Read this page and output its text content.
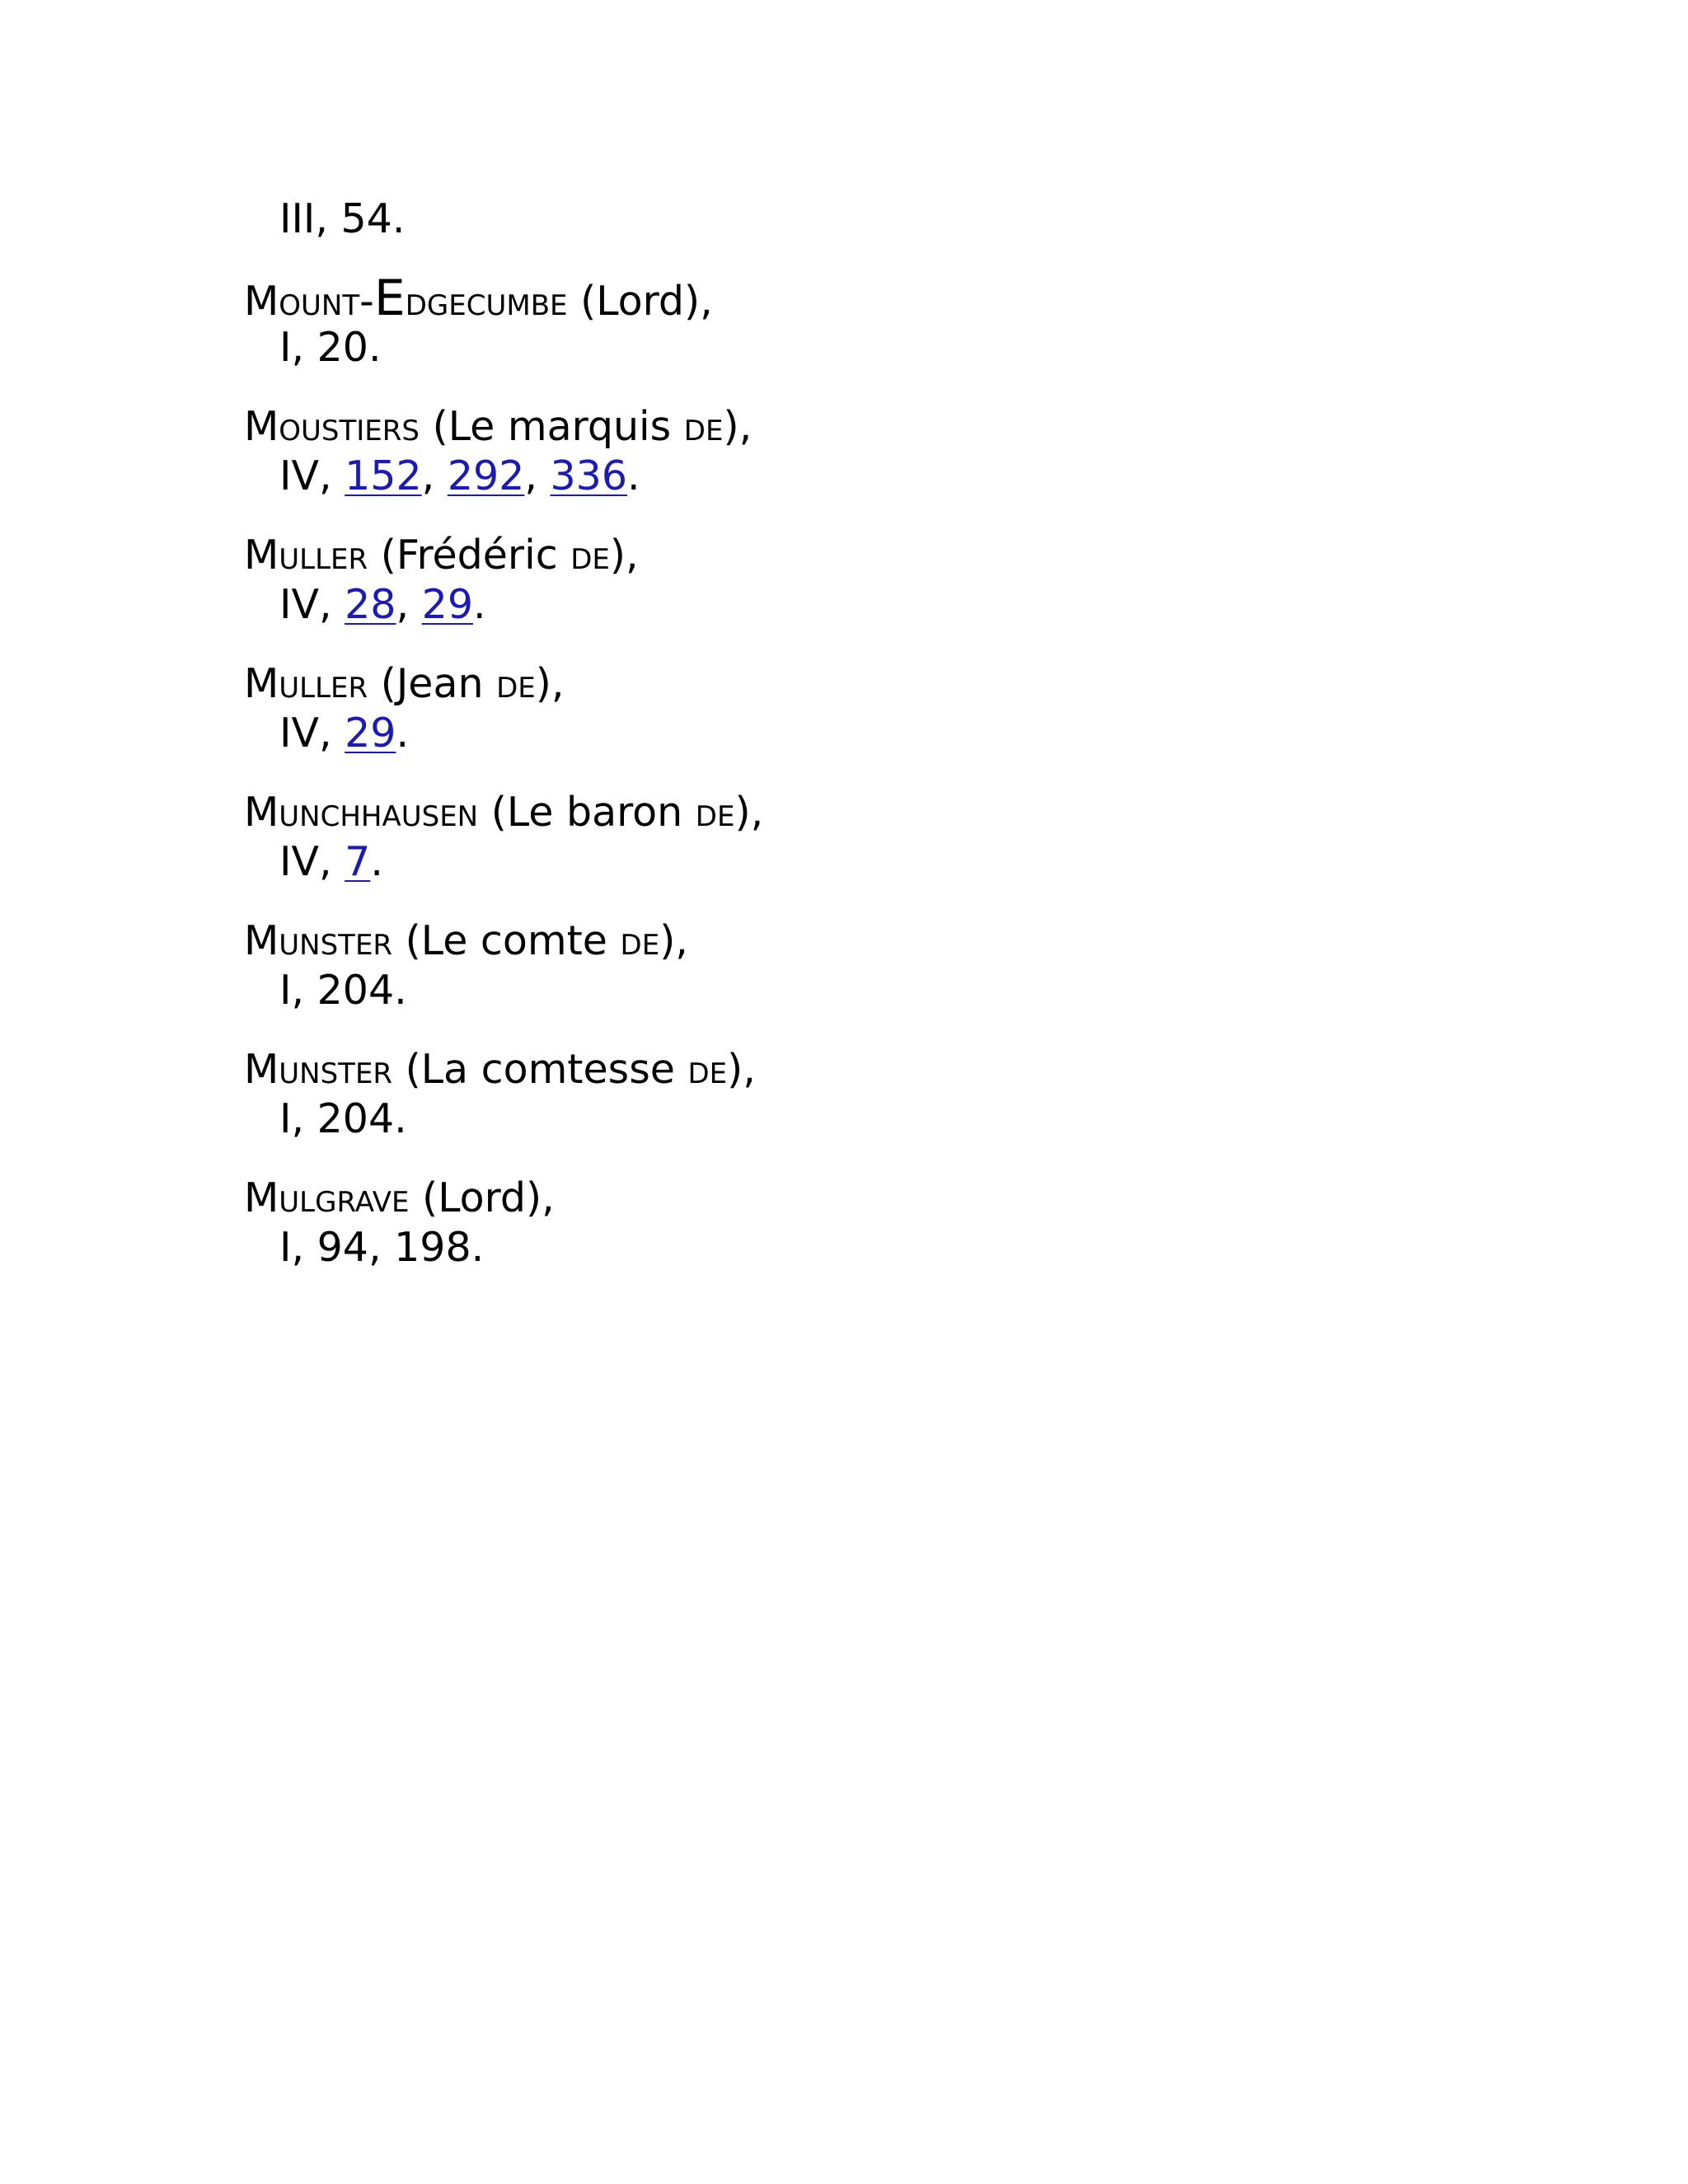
III, 54.
Mount-Edgecumbe (Lord),
I, 20.
Moustiers (Le marquis de),
IV, 152, 292, 336.
Muller (Frédéric de),
IV, 28, 29.
Muller (Jean de),
IV, 29.
Munchhausen (Le baron de),
IV, 7.
Munster (Le comte de),
I, 204.
Munster (La comtesse de),
I, 204.
Mulgrave (Lord),
I, 94, 198.
